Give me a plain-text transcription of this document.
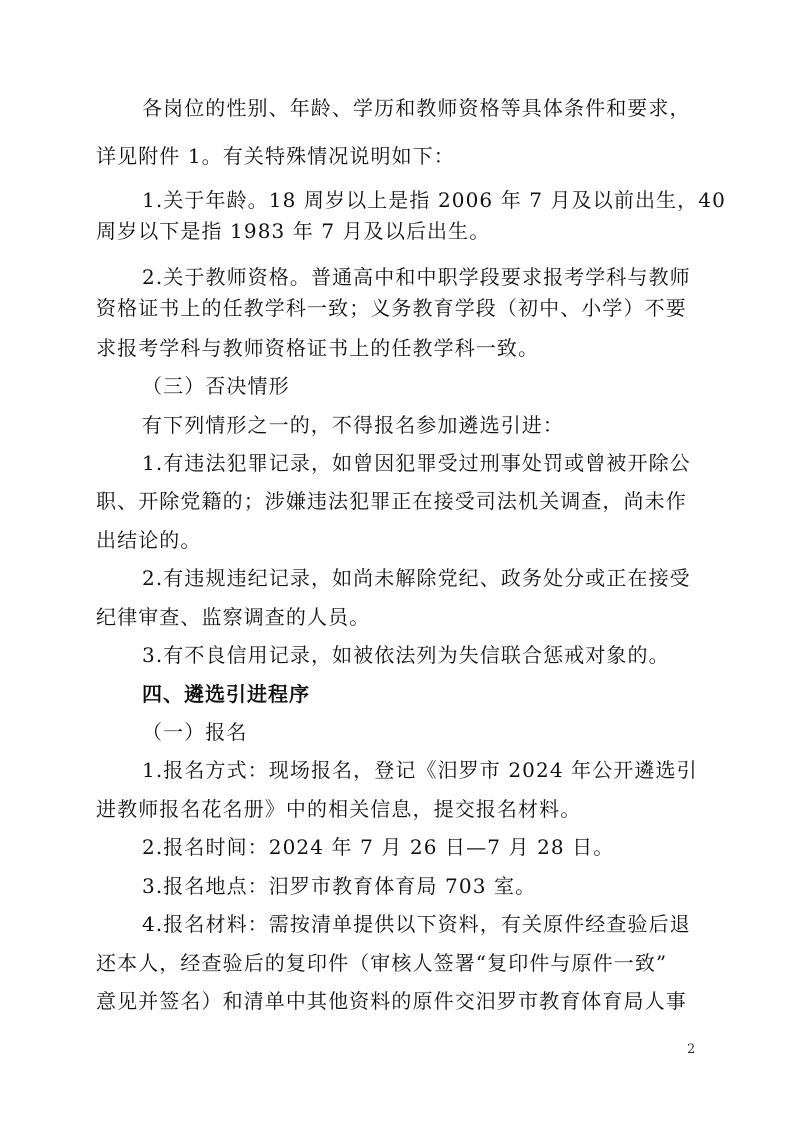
各岗位的性别、年龄、学历和教师资格等具体条件和要求，
详见附件 1。有关特殊情况说明如下：
1.关于年龄。18 周岁以上是指 2006 年 7 月及以前出生，40
周岁以下是指 1983 年 7 月及以后出生。
2.关于教师资格。普通高中和中职学段要求报考学科与教师
资格证书上的任教学科一致；义务教育学段（初中、小学）不要
求报考学科与教师资格证书上的任教学科一致。
（三）否决情形
有下列情形之一的，不得报名参加遴选引进：
1.有违法犯罪记录，如曾因犯罪受过刑事处罚或曾被开除公
职、开除党籍的；涉嫌违法犯罪正在接受司法机关调查，尚未作
出结论的。
2.有违规违纪记录，如尚未解除党纪、政务处分或正在接受
纪律审查、监察调查的人员。
3.有不良信用记录，如被依法列为失信联合惩戒对象的。
四、遴选引进程序
（一）报名
1.报名方式：现场报名，登记《汨罗市 2024 年公开遴选引
进教师报名花名册》中的相关信息，提交报名材料。
2.报名时间：2024 年 7 月 26 日—7 月 28 日。
3.报名地点：汨罗市教育体育局 703 室。
4.报名材料：需按清单提供以下资料，有关原件经查验后退
还本人，经查验后的复印件（审核人签署“复印件与原件一致”
意见并签名）和清单中其他资料的原件交汨罗市教育体育局人事
2
